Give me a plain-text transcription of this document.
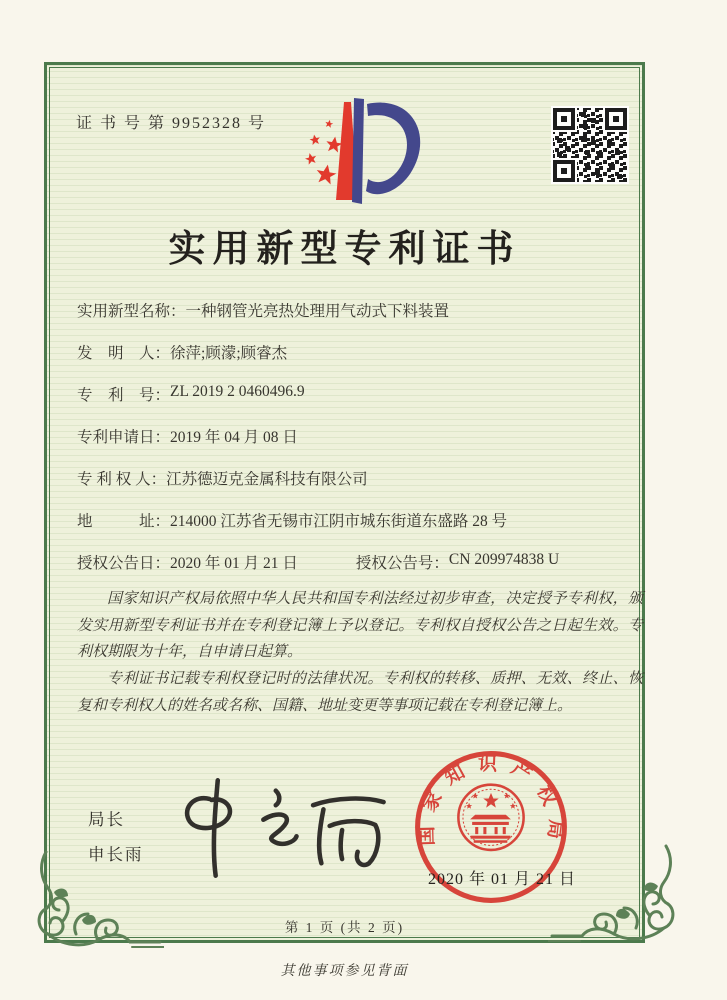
证 书 号 第 9952328 号
实用新型专利证书
实用新型名称： 一种钢管光亮热处理用气动式下料装置
发　明　人： 徐萍;顾濛;顾睿杰
专　利　号： ZL 2019 2 0460496.9
专利申请日： 2019 年 04 月 08 日
专 利 权 人： 江苏德迈克金属科技有限公司
地　　　址： 214000 江苏省无锡市江阴市城东街道东盛路 28 号
授权公告日： 2020 年 01 月 21 日	授权公告号： CN 209974838 U

国家知识产权局依照中华人民共和国专利法经过初步审查，决定授予专利权，颁发实用新型专利证书并在专利登记簿上予以登记。专利权自授权公告之日起生效。专利权期限为十年，自申请日起算。

专利证书记载专利权登记时的法律状况。专利权的转移、质押、无效、终止、恢复和专利权人的姓名或名称、国籍、地址变更等事项记载在专利登记簿上。

局长
申长雨
国家知识产权局
2020 年 01 月 21 日
第 1 页 (共 2 页)
其他事项参见背面
